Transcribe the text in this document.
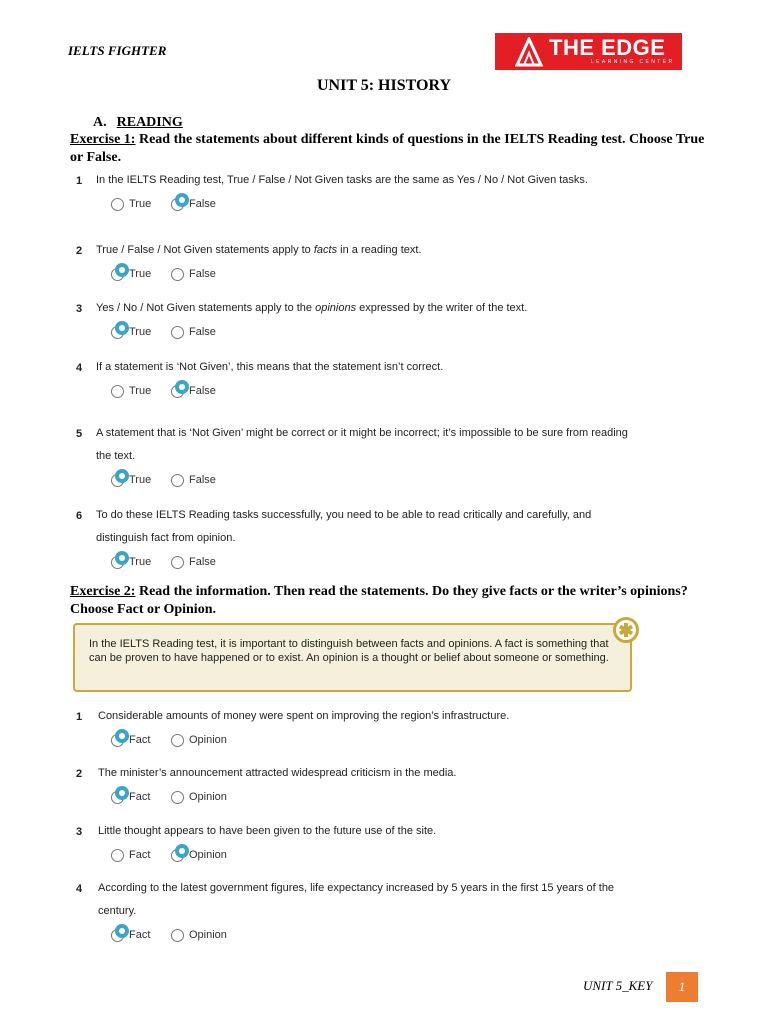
IELTS FIGHTER	THE EDGE
LEARNING CENTER
UNIT 5: HISTORY
A. READING
Exercise 1: Read the statements about different kinds of questions in the IELTS Reading test. Choose True or False.
1 In the IELTS Reading test, True / False / Not Given tasks are the same as Yes / No / Not Given tasks.
True	False
2 True / False / Not Given statements apply to facts in a reading text.
True	False
3 Yes / No / Not Given statements apply to the opinions expressed by the writer of the text.
True	False
4 If a statement is ‘Not Given’, this means that the statement isn’t correct.
True	False
5 A statement that is ‘Not Given’ might be correct or it might be incorrect; it’s impossible to be sure from reading the text.
True	False
6 To do these IELTS Reading tasks successfully, you need to be able to read critically and carefully, and distinguish fact from opinion.
True	False
Exercise 2: Read the information. Then read the statements. Do they give facts or the writer’s opinions? Choose Fact or Opinion.
In the IELTS Reading test, it is important to distinguish between facts and opinions. A fact is something that can be proven to have happened or to exist. An opinion is a thought or belief about someone or something.
1 Considerable amounts of money were spent on improving the region’s infrastructure.
Fact	Opinion
2 The minister’s announcement attracted widespread criticism in the media.
Fact	Opinion
3 Little thought appears to have been given to the future use of the site.
Fact	Opinion
4 According to the latest government figures, life expectancy increased by 5 years in the first 15 years of the century.
Fact	Opinion
UNIT 5_KEY	1
